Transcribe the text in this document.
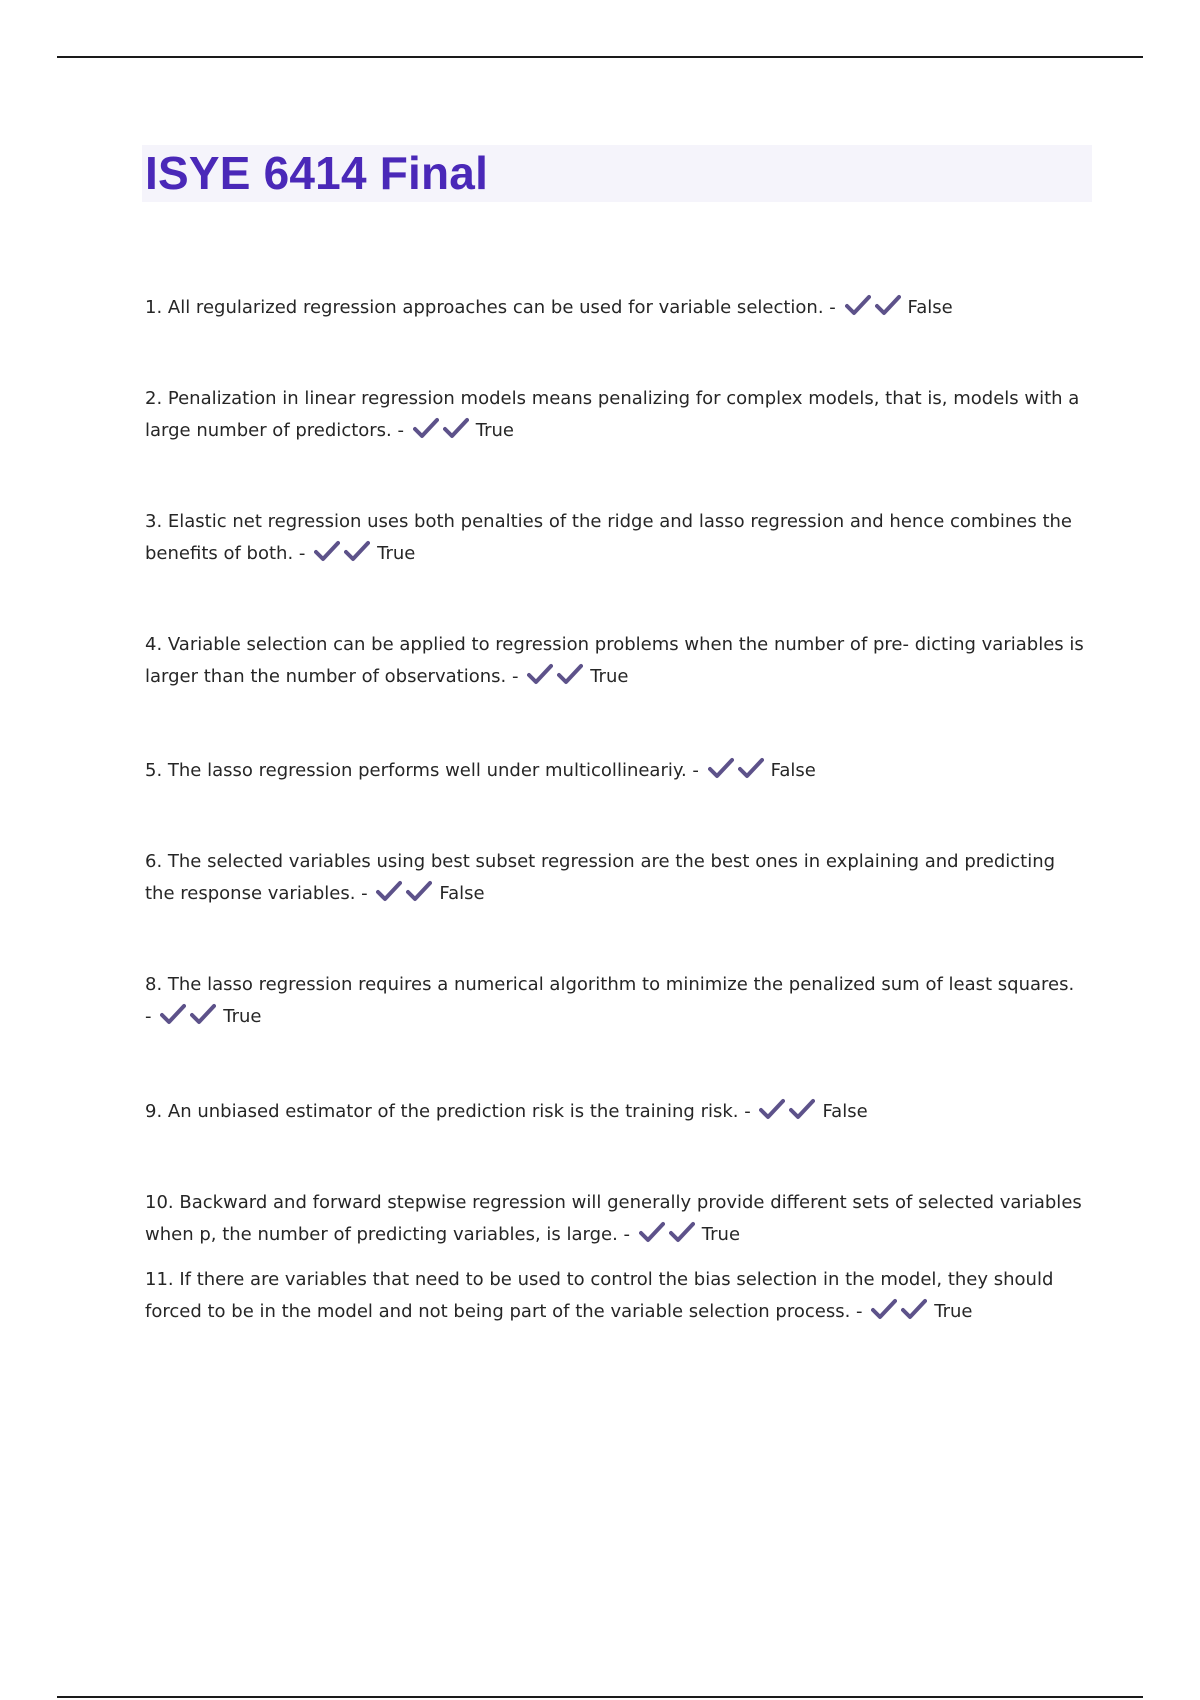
ISYE 6414 Final

1. All regularized regression approaches can be used for variable selection. -	False

2. Penalization in linear regression models means penalizing for complex models, that is, models with a large number of predictors. -	True

3. Elastic net regression uses both penalties of the ridge and lasso regression and hence combines the benefits of both. -	True

4. Variable selection can be applied to regression problems when the number of pre- dicting variables is larger than the number of observations. -	True

5. The lasso regression performs well under multicollineariy. -	False

6. The selected variables using best subset regression are the best ones in explaining and predicting the response variables. -	False

8. The lasso regression requires a numerical algorithm to minimize the penalized sum of least squares. -	True

9. An unbiased estimator of the prediction risk is the training risk. -	False

10. Backward and forward stepwise regression will generally provide different sets of selected variables when p, the number of predicting variables, is large. -	True

11. If there are variables that need to be used to control the bias selection in the model, they should forced to be in the model and not being part of the variable selection process. -	True
